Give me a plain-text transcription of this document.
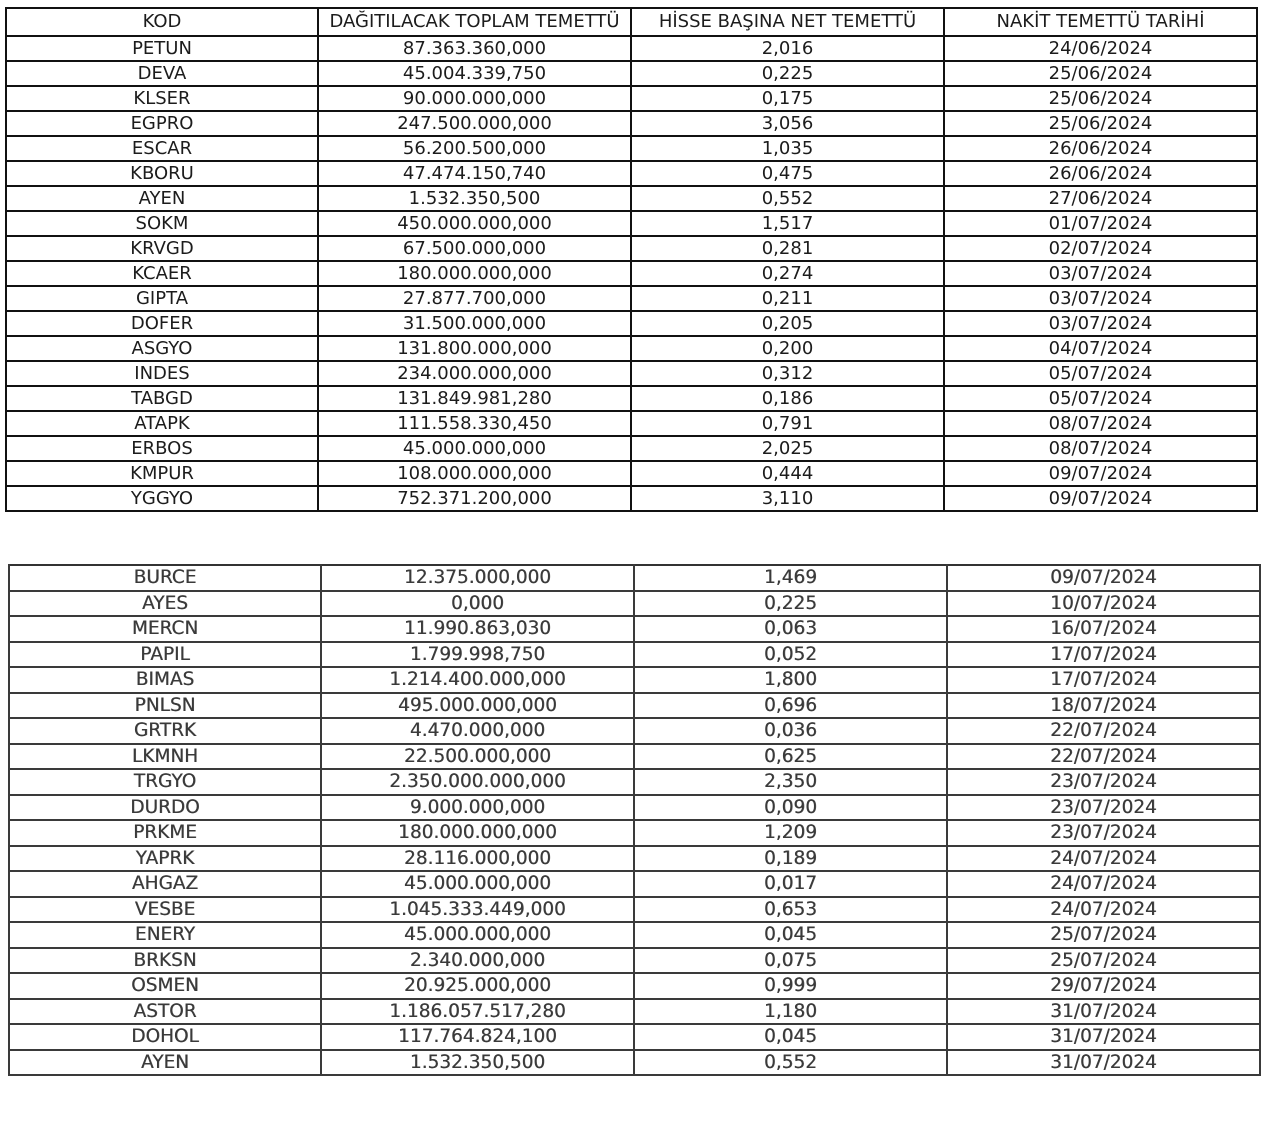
KOD	DAĞITILACAK TOPLAM TEMETTÜ	HİSSE BAŞINA NET TEMETTÜ	NAKİT TEMETTÜ TARİHİ
PETUN	87.363.360,000	2,016	24/06/2024
DEVA	45.004.339,750	0,225	25/06/2024
KLSER	90.000.000,000	0,175	25/06/2024
EGPRO	247.500.000,000	3,056	25/06/2024
ESCAR	56.200.500,000	1,035	26/06/2024
KBORU	47.474.150,740	0,475	26/06/2024
AYEN	1.532.350,500	0,552	27/06/2024
SOKM	450.000.000,000	1,517	01/07/2024
KRVGD	67.500.000,000	0,281	02/07/2024
KCAER	180.000.000,000	0,274	03/07/2024
GIPTA	27.877.700,000	0,211	03/07/2024
DOFER	31.500.000,000	0,205	03/07/2024
ASGYO	131.800.000,000	0,200	04/07/2024
INDES	234.000.000,000	0,312	05/07/2024
TABGD	131.849.981,280	0,186	05/07/2024
ATAPK	111.558.330,450	0,791	08/07/2024
ERBOS	45.000.000,000	2,025	08/07/2024
KMPUR	108.000.000,000	0,444	09/07/2024
YGGYO	752.371.200,000	3,110	09/07/2024
BURCE	12.375.000,000	1,469	09/07/2024
AYES	0,000	0,225	10/07/2024
MERCN	11.990.863,030	0,063	16/07/2024
PAPIL	1.799.998,750	0,052	17/07/2024
BIMAS	1.214.400.000,000	1,800	17/07/2024
PNLSN	495.000.000,000	0,696	18/07/2024
GRTRK	4.470.000,000	0,036	22/07/2024
LKMNH	22.500.000,000	0,625	22/07/2024
TRGYO	2.350.000.000,000	2,350	23/07/2024
DURDO	9.000.000,000	0,090	23/07/2024
PRKME	180.000.000,000	1,209	23/07/2024
YAPRK	28.116.000,000	0,189	24/07/2024
AHGAZ	45.000.000,000	0,017	24/07/2024
VESBE	1.045.333.449,000	0,653	24/07/2024
ENERY	45.000.000,000	0,045	25/07/2024
BRKSN	2.340.000,000	0,075	25/07/2024
OSMEN	20.925.000,000	0,999	29/07/2024
ASTOR	1.186.057.517,280	1,180	31/07/2024
DOHOL	117.764.824,100	0,045	31/07/2024
AYEN	1.532.350,500	0,552	31/07/2024
